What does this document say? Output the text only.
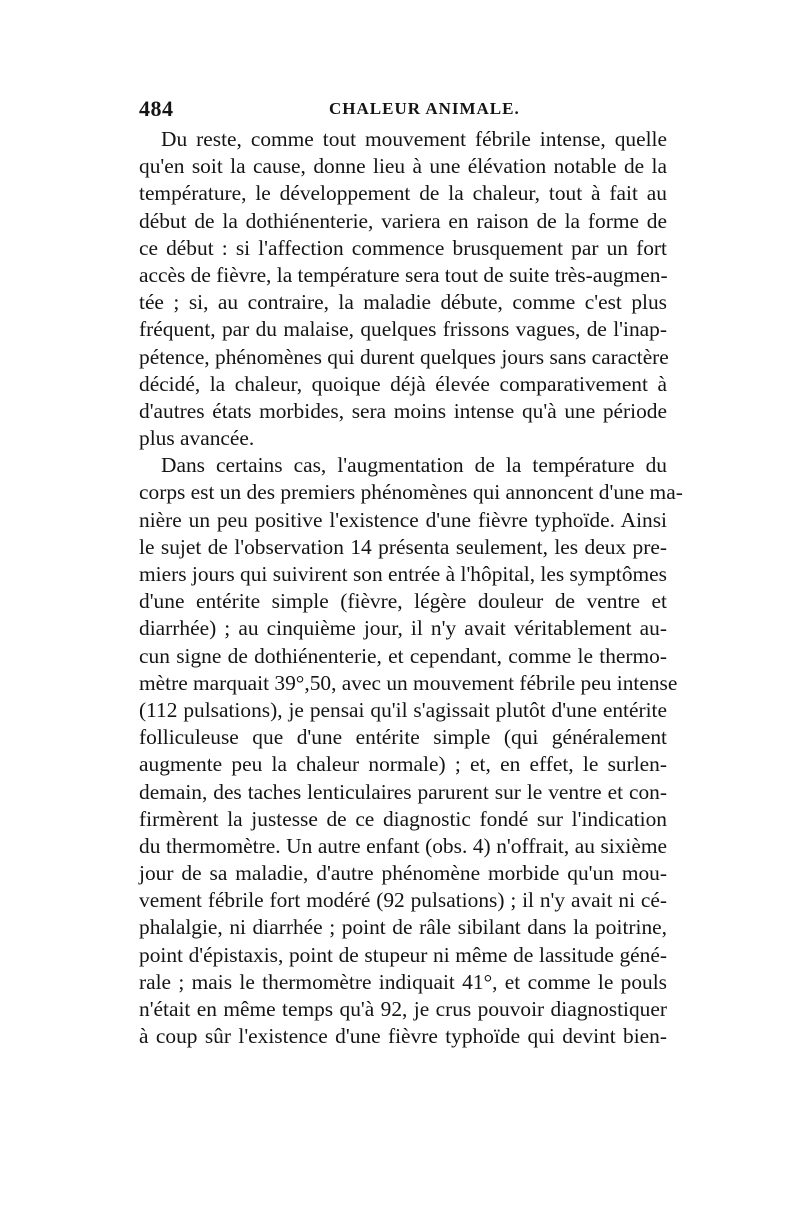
484	CHALEUR ANIMALE.
Du reste, comme tout mouvement fébrile intense, quelle
qu'en soit la cause, donne lieu à une élévation notable de la
température, le développement de la chaleur, tout à fait au
début de la dothiénenterie, variera en raison de la forme de
ce début : si l'affection commence brusquement par un fort
accès de fièvre, la température sera tout de suite très-augmen-
tée ; si, au contraire, la maladie débute, comme c'est plus
fréquent, par du malaise, quelques frissons vagues, de l'inap-
pétence, phénomènes qui durent quelques jours sans caractère
décidé, la chaleur, quoique déjà élevée comparativement à
d'autres états morbides, sera moins intense qu'à une période
plus avancée.
Dans certains cas, l'augmentation de la température du
corps est un des premiers phénomènes qui annoncent d'une ma-
nière un peu positive l'existence d'une fièvre typhoïde. Ainsi
le sujet de l'observation 14 présenta seulement, les deux pre-
miers jours qui suivirent son entrée à l'hôpital, les symptômes
d'une entérite simple (fièvre, légère douleur de ventre et
diarrhée) ; au cinquième jour, il n'y avait véritablement au-
cun signe de dothiénenterie, et cependant, comme le thermo-
mètre marquait 39°,50, avec un mouvement fébrile peu intense
(112 pulsations), je pensai qu'il s'agissait plutôt d'une entérite
folliculeuse que d'une entérite simple (qui généralement
augmente peu la chaleur normale) ; et, en effet, le surlen-
demain, des taches lenticulaires parurent sur le ventre et con-
firmèrent la justesse de ce diagnostic fondé sur l'indication
du thermomètre. Un autre enfant (obs. 4) n'offrait, au sixième
jour de sa maladie, d'autre phénomène morbide qu'un mou-
vement fébrile fort modéré (92 pulsations) ; il n'y avait ni cé-
phalalgie, ni diarrhée ; point de râle sibilant dans la poitrine,
point d'épistaxis, point de stupeur ni même de lassitude géné-
rale ; mais le thermomètre indiquait 41°, et comme le pouls
n'était en même temps qu'à 92, je crus pouvoir diagnostiquer
à coup sûr l'existence d'une fièvre typhoïde qui devint bien-
